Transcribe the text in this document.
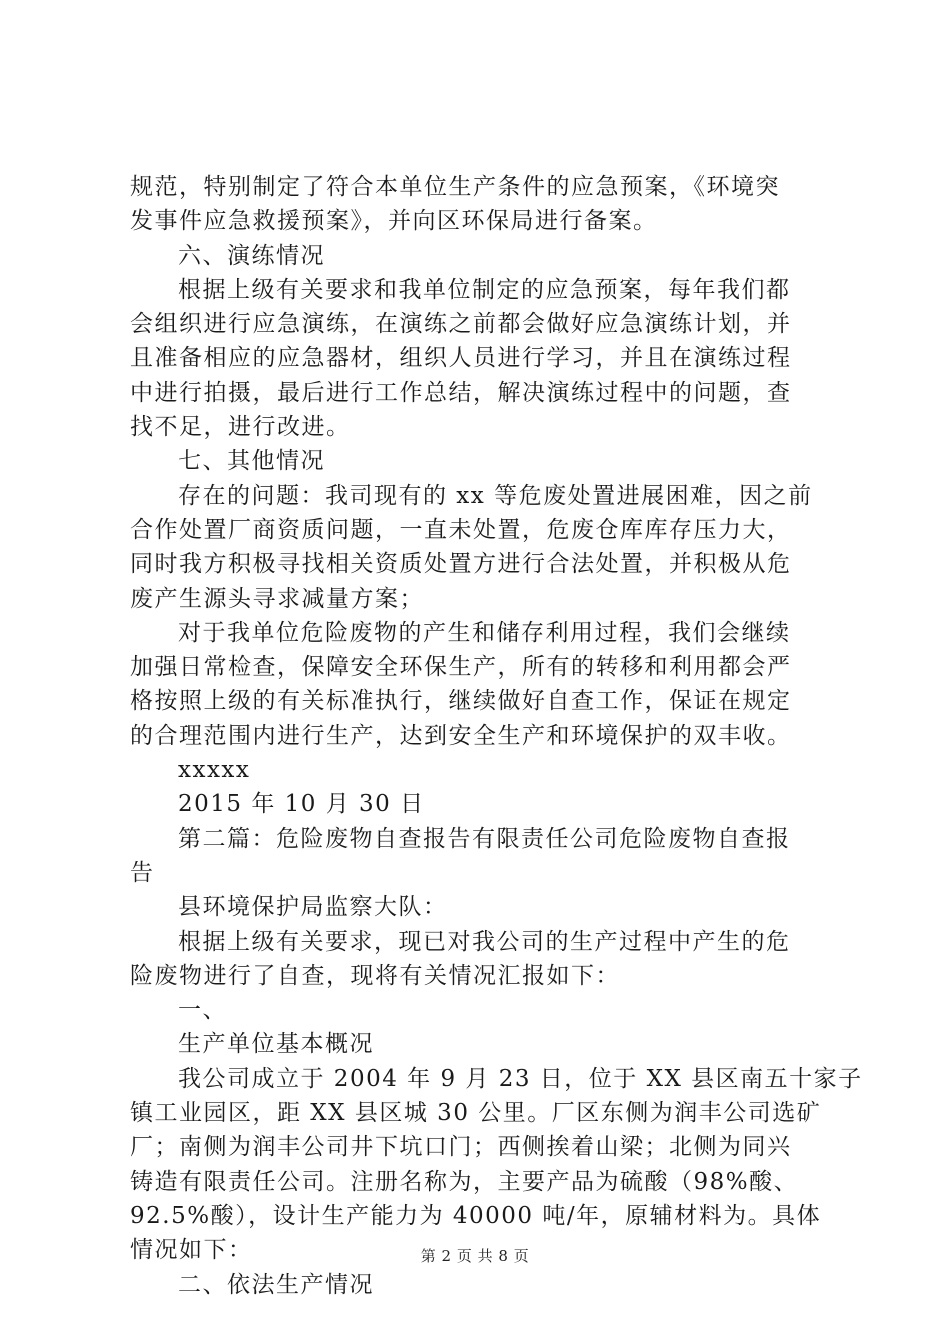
规范，特别制定了符合本单位生产条件的应急预案，《环境突
发事件应急救援预案》，并向区环保局进行备案。
六、演练情况
根据上级有关要求和我单位制定的应急预案，每年我们都
会组织进行应急演练，在演练之前都会做好应急演练计划，并
且准备相应的应急器材，组织人员进行学习，并且在演练过程
中进行拍摄，最后进行工作总结，解决演练过程中的问题，查
找不足，进行改进。
七、其他情况
存在的问题：我司现有的 xx 等危废处置进展困难，因之前
合作处置厂商资质问题，一直未处置，危废仓库库存压力大，
同时我方积极寻找相关资质处置方进行合法处置，并积极从危
废产生源头寻求减量方案；
对于我单位危险废物的产生和储存利用过程，我们会继续
加强日常检查，保障安全环保生产，所有的转移和利用都会严
格按照上级的有关标准执行，继续做好自查工作，保证在规定
的合理范围内进行生产，达到安全生产和环境保护的双丰收。
xxxxx
2015 年 10 月 30 日
第二篇：危险废物自查报告有限责任公司危险废物自查报
告
县环境保护局监察大队：
根据上级有关要求，现已对我公司的生产过程中产生的危
险废物进行了自查，现将有关情况汇报如下：
一、
生产单位基本概况
我公司成立于 2004 年 9 月 23 日，位于 XX 县区南五十家子
镇工业园区，距 XX 县区城 30 公里。厂区东侧为润丰公司选矿
厂；南侧为润丰公司井下坑口门；西侧挨着山梁；北侧为同兴
铸造有限责任公司。注册名称为，主要产品为硫酸（98%酸、
92.5%酸），设计生产能力为 40000 吨/年，原辅材料为。具体
情况如下：
二、依法生产情况
第 2 页 共 8 页
